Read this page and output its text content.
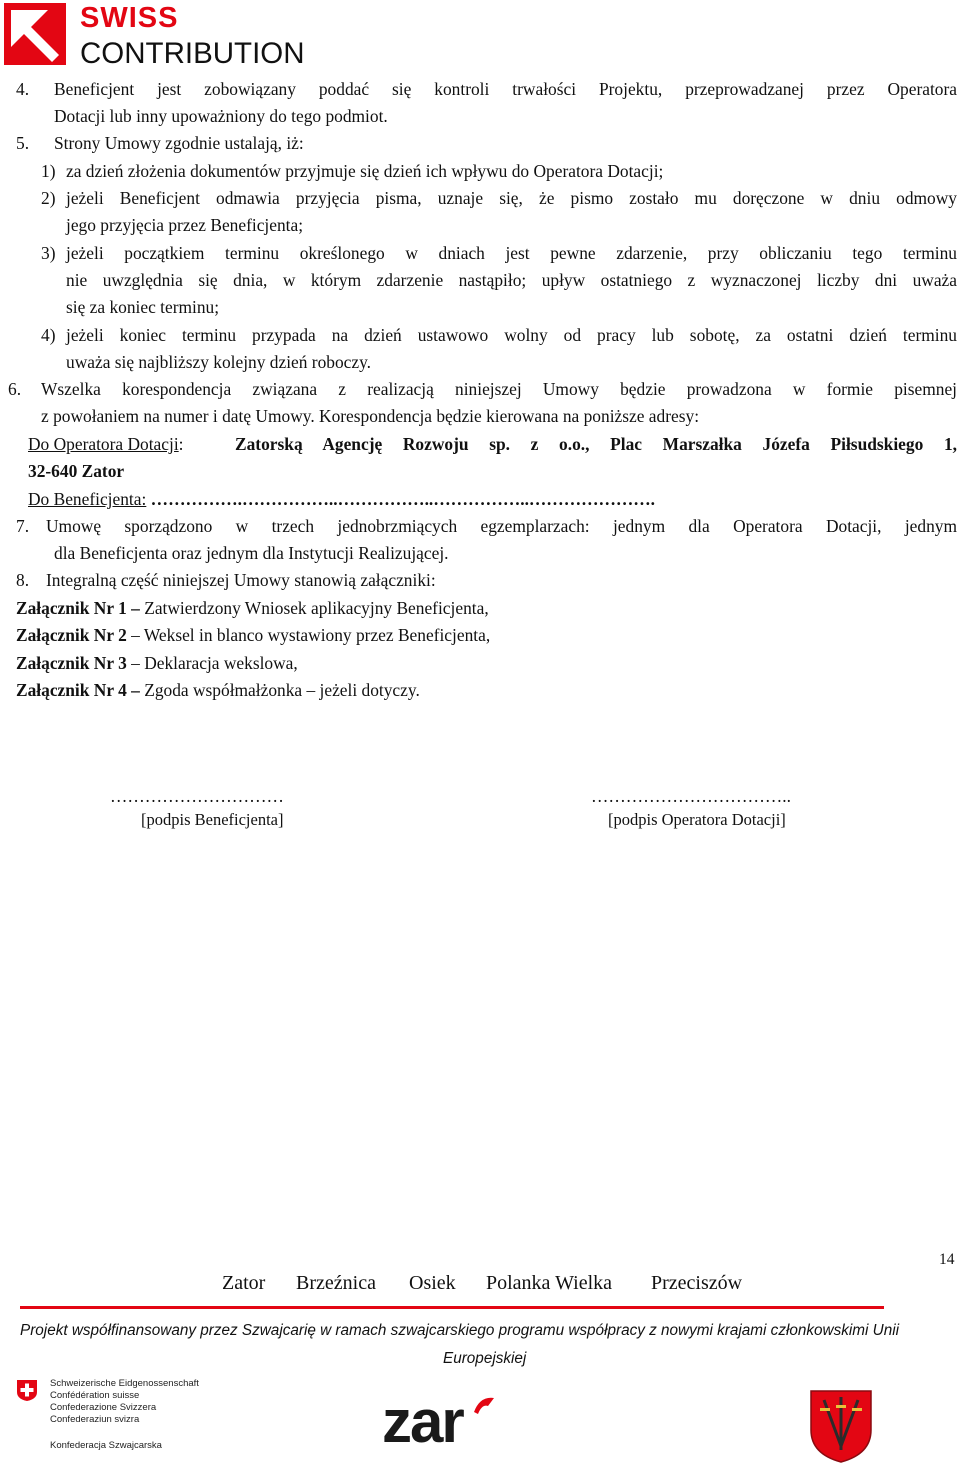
SWISS
CONTRIBUTION
4. Beneficjent jest zobowiązany poddać się kontroli trwałości Projektu, przeprowadzanej przez Operatora
Dotacji lub inny upoważniony do tego podmiot.
5. Strony Umowy zgodnie ustalają, iż:
1) za dzień złożenia dokumentów przyjmuje się dzień ich wpływu do Operatora Dotacji;
2) jeżeli Beneficjent odmawia przyjęcia pisma, uznaje się, że pismo zostało mu doręczone w dniu odmowy
jego przyjęcia przez Beneficjenta;
3) jeżeli początkiem terminu określonego w dniach jest pewne zdarzenie, przy obliczaniu tego terminu
nie uwzględnia się dnia, w którym zdarzenie nastąpiło; upływ ostatniego z wyznaczonej liczby dni uważa
się za koniec terminu;
4) jeżeli koniec terminu przypada na dzień ustawowo wolny od pracy lub sobotę, za ostatni dzień terminu
uważa się najbliższy kolejny dzień roboczy.
6. Wszelka korespondencja związana z realizacją niniejszej Umowy będzie prowadzona w formie pisemnej
z powołaniem na numer i datę Umowy. Korespondencja będzie kierowana na poniższe adresy:
Do Operatora Dotacji:	Zatorską Agencję Rozwoju sp. z o.o., Plac Marszałka Józefa Piłsudskiego 1,
32-640 Zator
Do Beneficjenta: …………….……………..……………..……………..………………….
7. Umowę sporządzono w trzech jednobrzmiących egzemplarzach: jednym dla Operatora Dotacji, jednym
dla Beneficjenta oraz jednym dla Instytucji Realizującej.
8. Integralną część niniejszej Umowy stanowią załączniki:
Załącznik Nr 1 – Zatwierdzony Wniosek aplikacyjny Beneficjenta,
Załącznik Nr 2 – Weksel in blanco wystawiony przez Beneficjenta,
Załącznik Nr 3 – Deklaracja wekslowa,
Załącznik Nr 4 – Zgoda współmałżonka – jeżeli dotyczy.
…………………………
[podpis Beneficjenta]
……………………………..
[podpis Operatora Dotacji]
14
Zator Brzeźnica Osiek Polanka Wielka Przeciszów
Projekt współfinansowany przez Szwajcarię w ramach szwajcarskiego programu współpracy z nowymi krajami członkowskimi Unii
Europejskiej
Schweizerische Eidgenossenschaft
Confédération suisse
Confederazione Svizzera
Confederaziun svizra
Konfederacja Szwajcarska	zar
